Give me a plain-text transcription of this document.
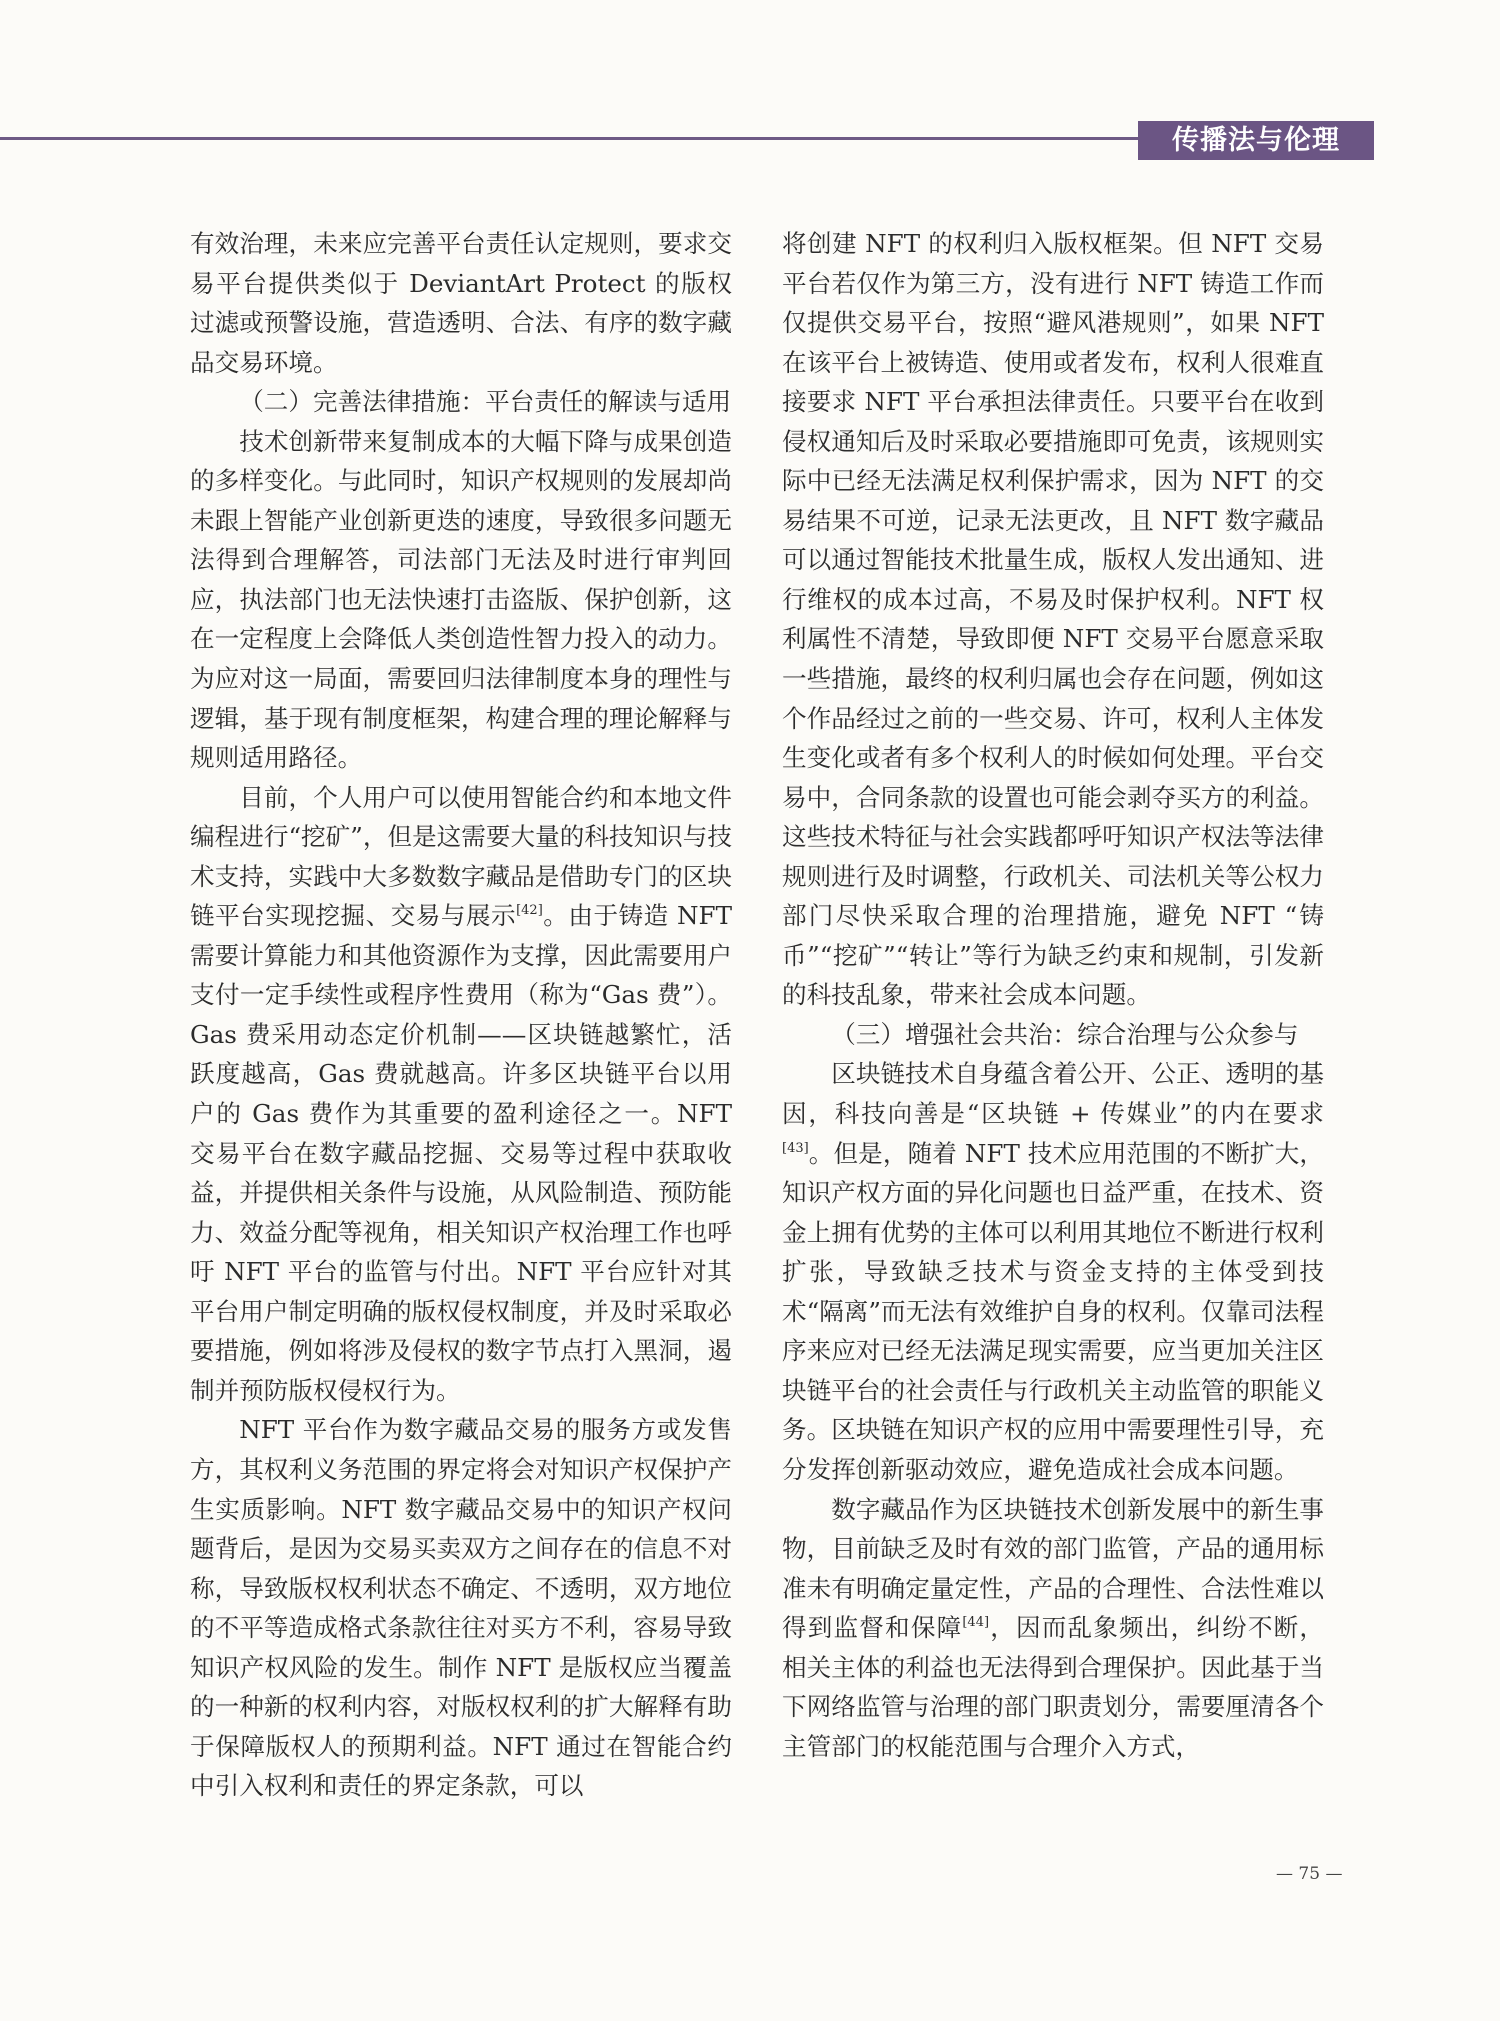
传播法与伦理

有效治理，未来应完善平台责任认定规则，要求交易平台提供类似于 DeviantArt Protect 的版权过滤或预警设施，营造透明、合法、有序的数字藏品交易环境。

（二）完善法律措施：平台责任的解读与适用

技术创新带来复制成本的大幅下降与成果创造的多样变化。与此同时，知识产权规则的发展却尚未跟上智能产业创新更迭的速度，导致很多问题无法得到合理解答，司法部门无法及时进行审判回应，执法部门也无法快速打击盗版、保护创新，这在一定程度上会降低人类创造性智力投入的动力。为应对这一局面，需要回归法律制度本身的理性与逻辑，基于现有制度框架，构建合理的理论解释与规则适用路径。

目前，个人用户可以使用智能合约和本地文件编程进行“挖矿”，但是这需要大量的科技知识与技术支持，实践中大多数数字藏品是借助专门的区块链平台实现挖掘、交易与展示[42]。由于铸造 NFT 需要计算能力和其他资源作为支撑，因此需要用户支付一定手续性或程序性费用（称为“Gas 费”）。Gas 费采用动态定价机制——区块链越繁忙，活跃度越高，Gas 费就越高。许多区块链平台以用户的 Gas 费作为其重要的盈利途径之一。NFT 交易平台在数字藏品挖掘、交易等过程中获取收益，并提供相关条件与设施，从风险制造、预防能力、效益分配等视角，相关知识产权治理工作也呼吁 NFT 平台的监管与付出。NFT 平台应针对其平台用户制定明确的版权侵权制度，并及时采取必要措施，例如将涉及侵权的数字节点打入黑洞，遏制并预防版权侵权行为。

NFT 平台作为数字藏品交易的服务方或发售方，其权利义务范围的界定将会对知识产权保护产生实质影响。NFT 数字藏品交易中的知识产权问题背后，是因为交易买卖双方之间存在的信息不对称，导致版权权利状态不确定、不透明，双方地位的不平等造成格式条款往往对买方不利，容易导致知识产权风险的发生。制作 NFT 是版权应当覆盖的一种新的权利内容，对版权权利的扩大解释有助于保障版权人的预期利益。NFT 通过在智能合约中引入权利和责任的界定条款，可以

将创建 NFT 的权利归入版权框架。但 NFT 交易平台若仅作为第三方，没有进行 NFT 铸造工作而仅提供交易平台，按照“避风港规则”，如果 NFT 在该平台上被铸造、使用或者发布，权利人很难直接要求 NFT 平台承担法律责任。只要平台在收到侵权通知后及时采取必要措施即可免责，该规则实际中已经无法满足权利保护需求，因为 NFT 的交易结果不可逆，记录无法更改，且 NFT 数字藏品可以通过智能技术批量生成，版权人发出通知、进行维权的成本过高，不易及时保护权利。NFT 权利属性不清楚，导致即便 NFT 交易平台愿意采取一些措施，最终的权利归属也会存在问题，例如这个作品经过之前的一些交易、许可，权利人主体发生变化或者有多个权利人的时候如何处理。平台交易中，合同条款的设置也可能会剥夺买方的利益。这些技术特征与社会实践都呼吁知识产权法等法律规则进行及时调整，行政机关、司法机关等公权力部门尽快采取合理的治理措施，避免 NFT “铸币”“挖矿”“转让”等行为缺乏约束和规制，引发新的科技乱象，带来社会成本问题。

（三）增强社会共治：综合治理与公众参与

区块链技术自身蕴含着公开、公正、透明的基因，科技向善是“区块链 + 传媒业”的内在要求[43]。但是，随着 NFT 技术应用范围的不断扩大，知识产权方面的异化问题也日益严重，在技术、资金上拥有优势的主体可以利用其地位不断进行权利扩张，导致缺乏技术与资金支持的主体受到技术“隔离”而无法有效维护自身的权利。仅靠司法程序来应对已经无法满足现实需要，应当更加关注区块链平台的社会责任与行政机关主动监管的职能义务。区块链在知识产权的应用中需要理性引导，充分发挥创新驱动效应，避免造成社会成本问题。

数字藏品作为区块链技术创新发展中的新生事物，目前缺乏及时有效的部门监管，产品的通用标准未有明确定量定性，产品的合理性、合法性难以得到监督和保障[44]，因而乱象频出，纠纷不断，相关主体的利益也无法得到合理保护。因此基于当下网络监管与治理的部门职责划分，需要厘清各个主管部门的权能范围与合理介入方式，

— 75 —
